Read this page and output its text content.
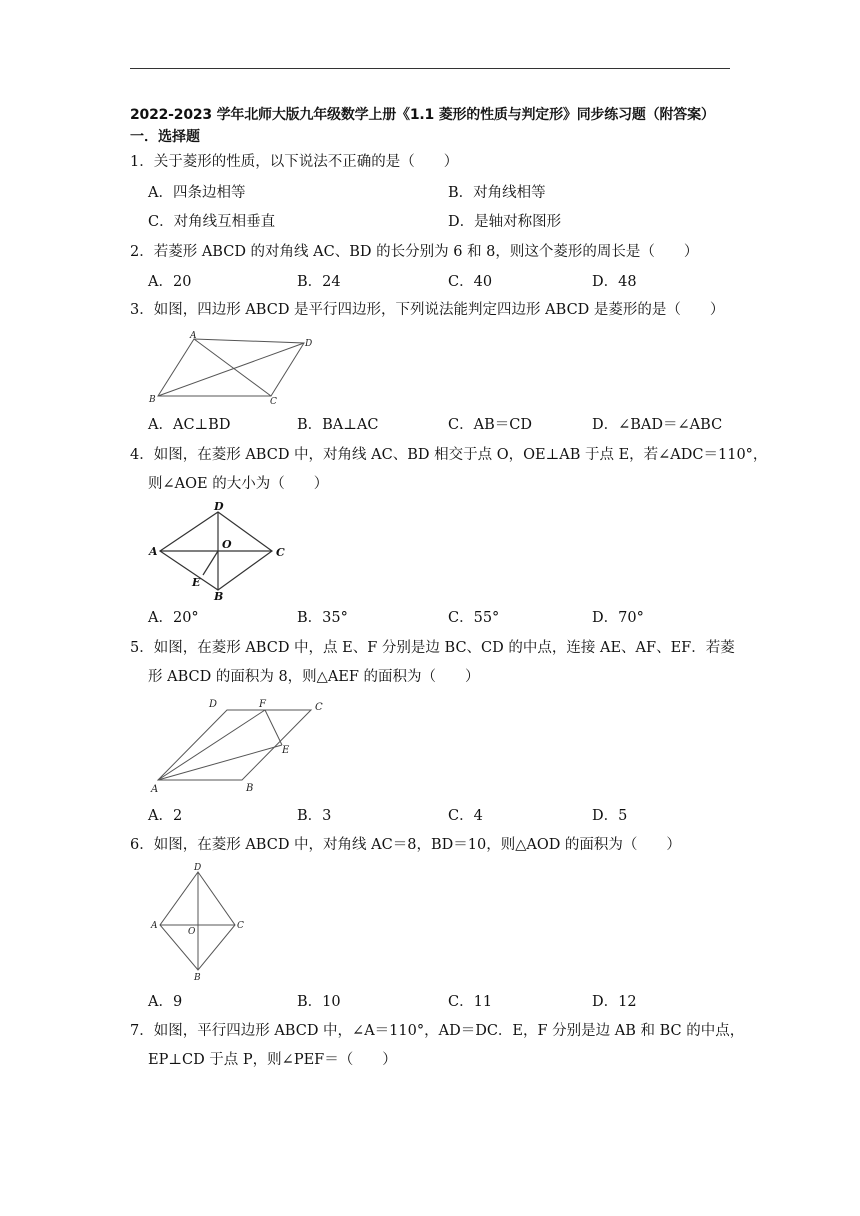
2022-2023 学年北师大版九年级数学上册《1.1 菱形的性质与判定形》同步练习题（附答案）
一．选择题
1．关于菱形的性质，以下说法不正确的是（　　）
A．四条边相等	B．对角线相等
C．对角线互相垂直	D．是轴对称图形
2．若菱形 ABCD 的对角线 AC、BD 的长分别为 6 和 8，则这个菱形的周长是（　　）
A．20	B．24	C．40	D．48
3．如图，四边形 ABCD 是平行四边形，下列说法能判定四边形 ABCD 是菱形的是（　　）
A
D
B	C
A．AC⊥BD	B．BA⊥AC	C．AB＝CD	D．∠BAD＝∠ABC
4．如图，在菱形 ABCD 中，对角线 AC、BD 相交于点 O，OE⊥AB 于点 E，若∠ADC＝110°，
则∠AOE 的大小为（　　）
D
A
O
C
E
B
A．20°	B．35°	C．55°	D．70°
5．如图，在菱形 ABCD 中，点 E、F 分别是边 BC、CD 的中点，连接 AE、AF、EF．若菱
形 ABCD 的面积为 8，则△AEF 的面积为（　　）
D	F	C
E
A	B
A．2	B．3	C．4	D．5
6．如图，在菱形 ABCD 中，对角线 AC＝8，BD＝10，则△AOD 的面积为（　　）
D
A	C
O
B
A．9	B．10	C．11	D．12
7．如图，平行四边形 ABCD 中，∠A＝110°，AD＝DC．E，F 分别是边 AB 和 BC 的中点，
EP⊥CD 于点 P，则∠PEF＝（　　）
